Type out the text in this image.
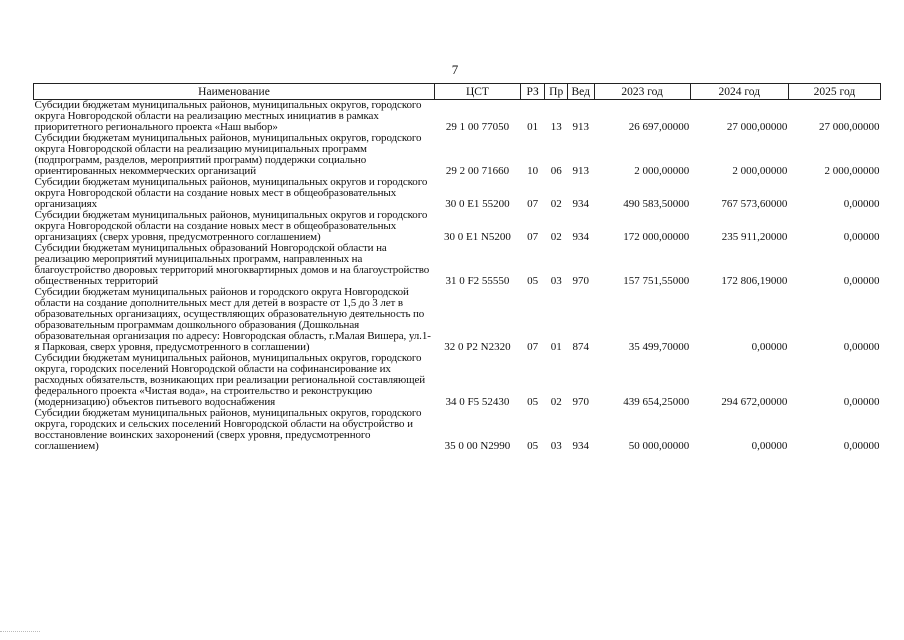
7
Наименование	ЦСТ	РЗ	Пр	Вед	2023 год	2024 год	2025 год
Субсидии бюджетам муниципальных районов, муниципальных округов, городского округа Новгородской области на реализацию местных инициатив в рамках приоритетного регионального проекта «Наш выбор»	29 1 00 77050	01	13	913	26 697,00000	27 000,00000	27 000,00000
Субсидии бюджетам муниципальных районов, муниципальных округов, городского округа Новгородской области на реализацию муниципальных программ (подпрограмм, разделов, мероприятий программ) поддержки социально ориентированных некоммерческих организаций	29 2 00 71660	10	06	913	2 000,00000	2 000,00000	2 000,00000
Субсидии бюджетам муниципальных районов, муниципальных округов и городского округа Новгородской области на создание новых мест в общеобразовательных организациях	30 0 E1 55200	07	02	934	490 583,50000	767 573,60000	0,00000
Субсидии бюджетам муниципальных районов, муниципальных округов и городского округа Новгородской области на создание новых мест в общеобразовательных организациях (сверх уровня, предусмотренного соглашением)	30 0 E1 N5200	07	02	934	172 000,00000	235 911,20000	0,00000
Субсидии бюджетам муниципальных образований Новгородской области на реализацию мероприятий муниципальных программ, направленных на благоустройство дворовых территорий многоквартирных домов и на благоустройство общественных территорий	31 0 F2 55550	05	03	970	157 751,55000	172 806,19000	0,00000
Субсидии бюджетам муниципальных районов и городского округа Новгородской области на создание дополнительных мест для детей в возрасте от 1,5 до 3 лет в образовательных организациях, осуществляющих образовательную деятельность по образовательным программам дошкольного образования (Дошкольная образовательная организация по адресу: Новгородская область, г.Малая Вишера, ул.1-я Парковая, сверх уровня, предусмотренного в соглашении)	32 0 P2 N2320	07	01	874	35 499,70000	0,00000	0,00000
Субсидии бюджетам муниципальных районов, муниципальных округов, городского округа, городских поселений Новгородской области на софинансирование их расходных обязательств, возникающих при реализации региональной составляющей федерального проекта «Чистая вода», на строительство и реконструкцию (модернизацию) объектов питьевого водоснабжения	34 0 F5 52430	05	02	970	439 654,25000	294 672,00000	0,00000
Субсидии бюджетам муниципальных районов, муниципальных округов, городского округа, городских и сельских поселений Новгородской области на обустройство и восстановление воинских захоронений (сверх уровня, предусмотренного соглашением)	35 0 00 N2990	05	03	934	50 000,00000	0,00000	0,00000
